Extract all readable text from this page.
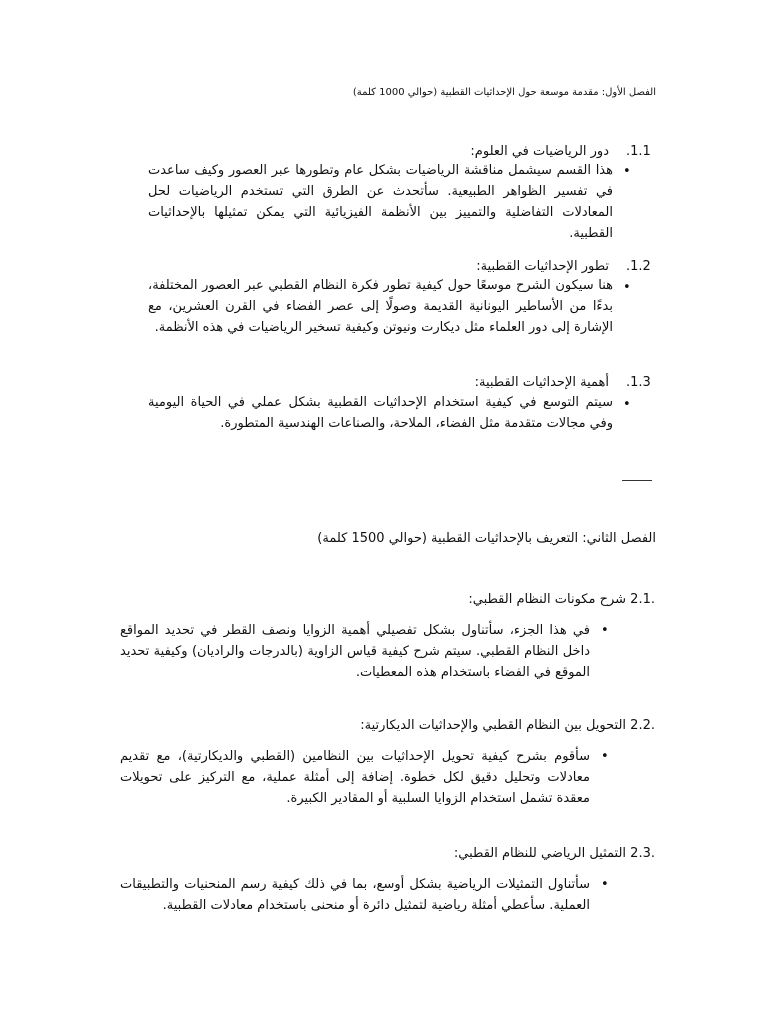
الفصل الأول: مقدمة موسعة حول الإحداثيات القطبية (حوالي 1000 كلمة)
.1.1
دور الرياضيات في العلوم:
•
هذا القسم سيشمل مناقشة الرياضيات بشكل عام وتطورها عبر العصور وكيف ساعدت في تفسير الظواهر الطبيعية. سأتحدث عن الطرق التي تستخدم الرياضيات لحل المعادلات التفاضلية والتمييز بين الأنظمة الفيزيائية التي يمكن تمثيلها بالإحداثيات القطبية.
.1.2
تطور الإحداثيات القطبية:
•
هنا سيكون الشرح موسعًا حول كيفية تطور فكرة النظام القطبي عبر العصور المختلفة، بدءًا من الأساطير اليونانية القديمة وصولًا إلى عصر الفضاء في القرن العشرين، مع الإشارة إلى دور العلماء مثل ديكارت ونيوتن وكيفية تسخير الرياضيات في هذه الأنظمة.
.1.3
أهمية الإحداثيات القطبية:
•
سيتم التوسع في كيفية استخدام الإحداثيات القطبية بشكل عملي في الحياة اليومية وفي مجالات متقدمة مثل الفضاء، الملاحة، والصناعات الهندسية المتطورة.
الفصل الثاني: التعريف بالإحداثيات القطبية (حوالي 1500 كلمة)
.2.1 شرح مكونات النظام القطبي:
•
في هذا الجزء، سأتناول بشكل تفصيلي أهمية الزوايا ونصف القطر في تحديد المواقع داخل النظام القطبي. سيتم شرح كيفية قياس الزاوية (بالدرجات والراديان) وكيفية تحديد الموقع في الفضاء باستخدام هذه المعطيات.
.2.2 التحويل بين النظام القطبي والإحداثيات الديكارتية:
•
سأقوم بشرح كيفية تحويل الإحداثيات بين النظامين (القطبي والديكارتية)، مع تقديم معادلات وتحليل دقيق لكل خطوة. إضافة إلى أمثلة عملية، مع التركيز على تحويلات معقدة تشمل استخدام الزوايا السلبية أو المقادير الكبيرة.
.2.3 التمثيل الرياضي للنظام القطبي:
•
سأتناول التمثيلات الرياضية بشكل أوسع، بما في ذلك كيفية رسم المنحنيات والتطبيقات العملية. سأعطي أمثلة رياضية لتمثيل دائرة أو منحنى باستخدام معادلات القطبية.
